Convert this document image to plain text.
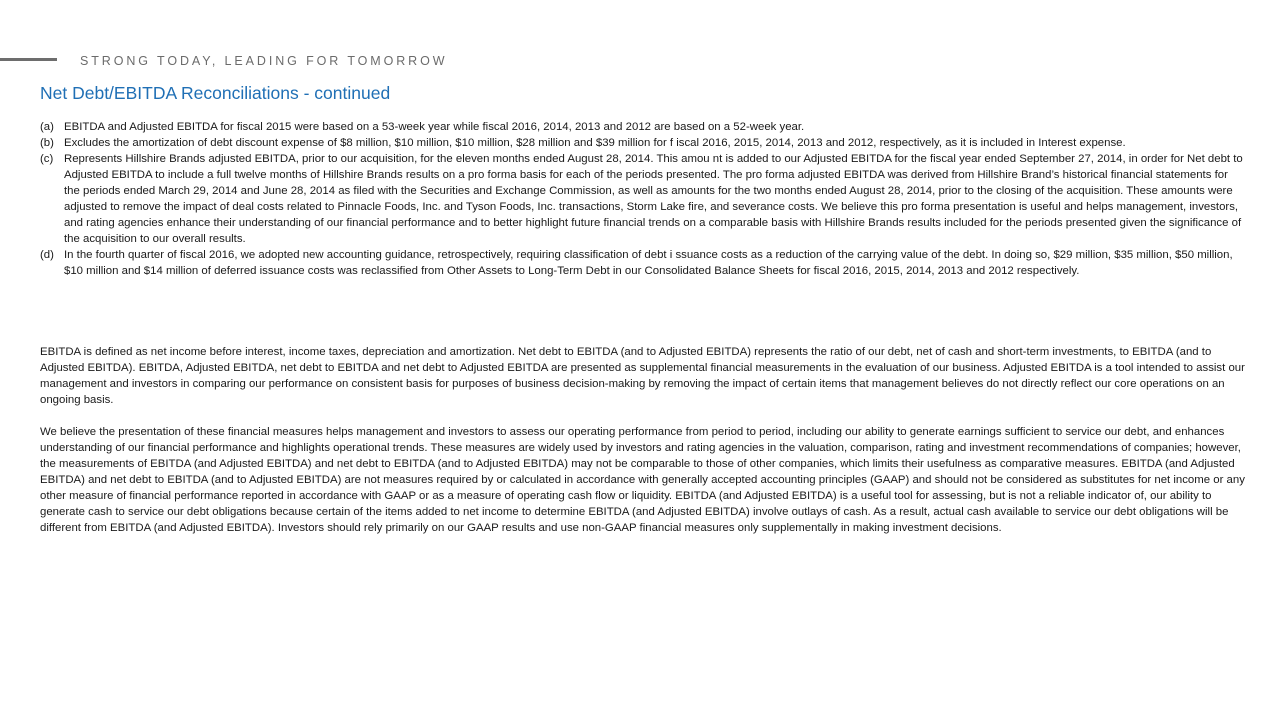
STRONG TODAY, LEADING FOR TOMORROW
Net Debt/EBITDA Reconciliations - continued
(a) EBITDA and Adjusted EBITDA for fiscal 2015 were based on a 53-week year while fiscal 2016, 2014, 2013 and 2012 are based on a 52-week year.
(b) Excludes the amortization of debt discount expense of $8 million, $10 million, $10 million, $28 million and $39 million for f iscal 2016, 2015, 2014, 2013 and 2012, respectively, as it is included in Interest expense.
(c) Represents Hillshire Brands adjusted EBITDA, prior to our acquisition, for the eleven months ended August 28, 2014. This amou nt is added to our Adjusted EBITDA for the fiscal year ended September 27, 2014, in order for Net debt to Adjusted EBITDA to include a full twelve months of Hillshire Brands results on a pro forma basis for each of the periods presented. The pro forma adjusted EBITDA was derived from Hillshire Brand’s historical financial statements for the periods ended March 29, 2014 and June 28, 2014 as filed with the Securities and Exchange Commission, as well as amounts for the two months ended August 28, 2014, prior to the closing of the acquisition. These amounts were adjusted to remove the impact of deal costs related to Pinnacle Foods, Inc. and Tyson Foods, Inc. transactions, Storm Lake fire, and severance costs. We believe this pro forma presentation is useful and helps management, investors, and rating agencies enhance their understanding of our financial performance and to better highlight future financial trends on a comparable basis with Hillshire Brands results included for the periods presented given the significance of the acquisition to our overall results.
(d) In the fourth quarter of fiscal 2016, we adopted new accounting guidance, retrospectively, requiring classification of debt i ssuance costs as a reduction of the carrying value of the debt. In doing so, $29 million, $35 million, $50 million, $10 million and $14 million of deferred issuance costs was reclassified from Other Assets to Long-Term Debt in our Consolidated Balance Sheets for fiscal 2016, 2015, 2014, 2013 and 2012 respectively.

EBITDA is defined as net income before interest, income taxes, depreciation and amortization. Net debt to EBITDA (and to Adjusted EBITDA) represents the ratio of our debt, net of cash and short-term investments, to EBITDA (and to Adjusted EBITDA). EBITDA, Adjusted EBITDA, net debt to EBITDA and net debt to Adjusted EBITDA are presented as supplemental financial measurements in the evaluation of our business. Adjusted EBITDA is a tool intended to assist our management and investors in comparing our performance on consistent basis for purposes of business decision-making by removing the impact of certain items that management believes do not directly reflect our core operations on an ongoing basis.

We believe the presentation of these financial measures helps management and investors to assess our operating performance from period to period, including our ability to generate earnings sufficient to service our debt, and enhances understanding of our financial performance and highlights operational trends. These measures are widely used by investors and rating agencies in the valuation, comparison, rating and investment recommendations of companies; however, the measurements of EBITDA (and Adjusted EBITDA) and net debt to EBITDA (and to Adjusted EBITDA) may not be comparable to those of other companies, which limits their usefulness as comparative measures. EBITDA (and Adjusted EBITDA) and net debt to EBITDA (and to Adjusted EBITDA) are not measures required by or calculated in accordance with generally accepted accounting principles (GAAP) and should not be considered as substitutes for net income or any other measure of financial performance reported in accordance with GAAP or as a measure of operating cash flow or liquidity. EBITDA (and Adjusted EBITDA) is a useful tool for assessing, but is not a reliable indicator of, our ability to generate cash to service our debt obligations because certain of the items added to net income to determine EBITDA (and Adjusted EBITDA) involve outlays of cash. As a result, actual cash available to service our debt obligations will be different from EBITDA (and Adjusted EBITDA). Investors should rely primarily on our GAAP results and use non-GAAP financial measures only supplementally in making investment decisions.
